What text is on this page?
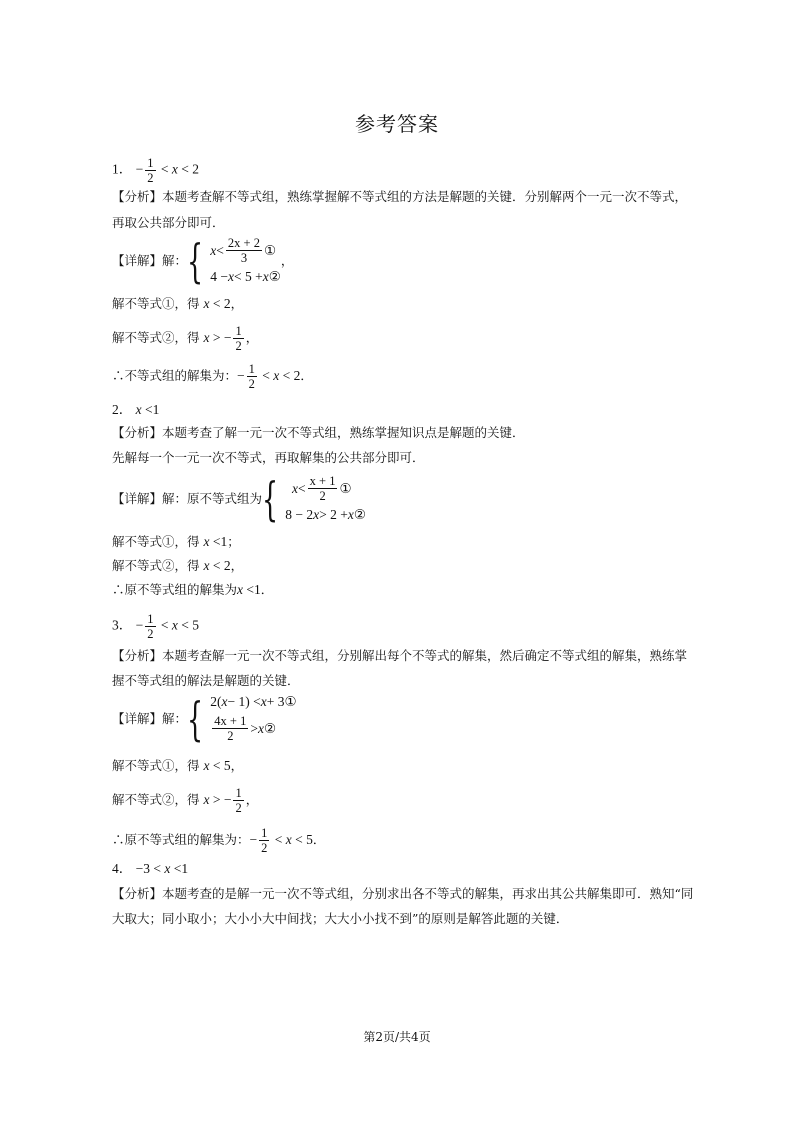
参考答案
1． − $\frac{1}{2} < x < 2$
【分析】本题考查解不等式组，熟练掌握解不等式组的方法是解题的关键．分别解两个一元一次不等式，
再取公共部分即可．
【详解】解： { $x < \frac{2x + 2}{3}$ ①
4 − x < 5 + x ②
，
解不等式①，得 x < 2，
解不等式②，得 x > − $\frac{1}{2}$ ，
∴不等式组的解集为：− $\frac{1}{2} < x < 2$．
2． x <1
【分析】本题考查了解一元一次不等式组，熟练掌握知识点是解题的关键．
先解每一个一元一次不等式，再取解集的公共部分即可．
【详解】解：原不等式组为 {
$x < \frac{x + 1}{2}$ ①
8 − 2 x > 2 + x ②
解不等式①，得 x <1；
解不等式②，得 x < 2，
∴原不等式组的解集为x <1．
3． − $\frac{1}{2} < x < 5$
【分析】本题考查解一元一次不等式组，分别解出每个不等式的解集，然后确定不等式组的解集，熟练掌
握不等式组的解法是解题的关键．
【详解】解： { 2( x − 1) < x + 3 ①
$\frac{4x + 1}{2} > x$ ②
解不等式①，得 x < 5，
解不等式②，得 x > − $\frac{1}{2}$ ，
∴原不等式组的解集为：− $\frac{1}{2} < x < 5$．
4． −3 < x <1
【分析】本题考查的是解一元一次不等式组，分别求出各不等式的解集，再求出其公共解集即可．熟知“同
大取大；同小取小；大小小大中间找；大大小小找不到”的原则是解答此题的关键．
第2页/共4页
